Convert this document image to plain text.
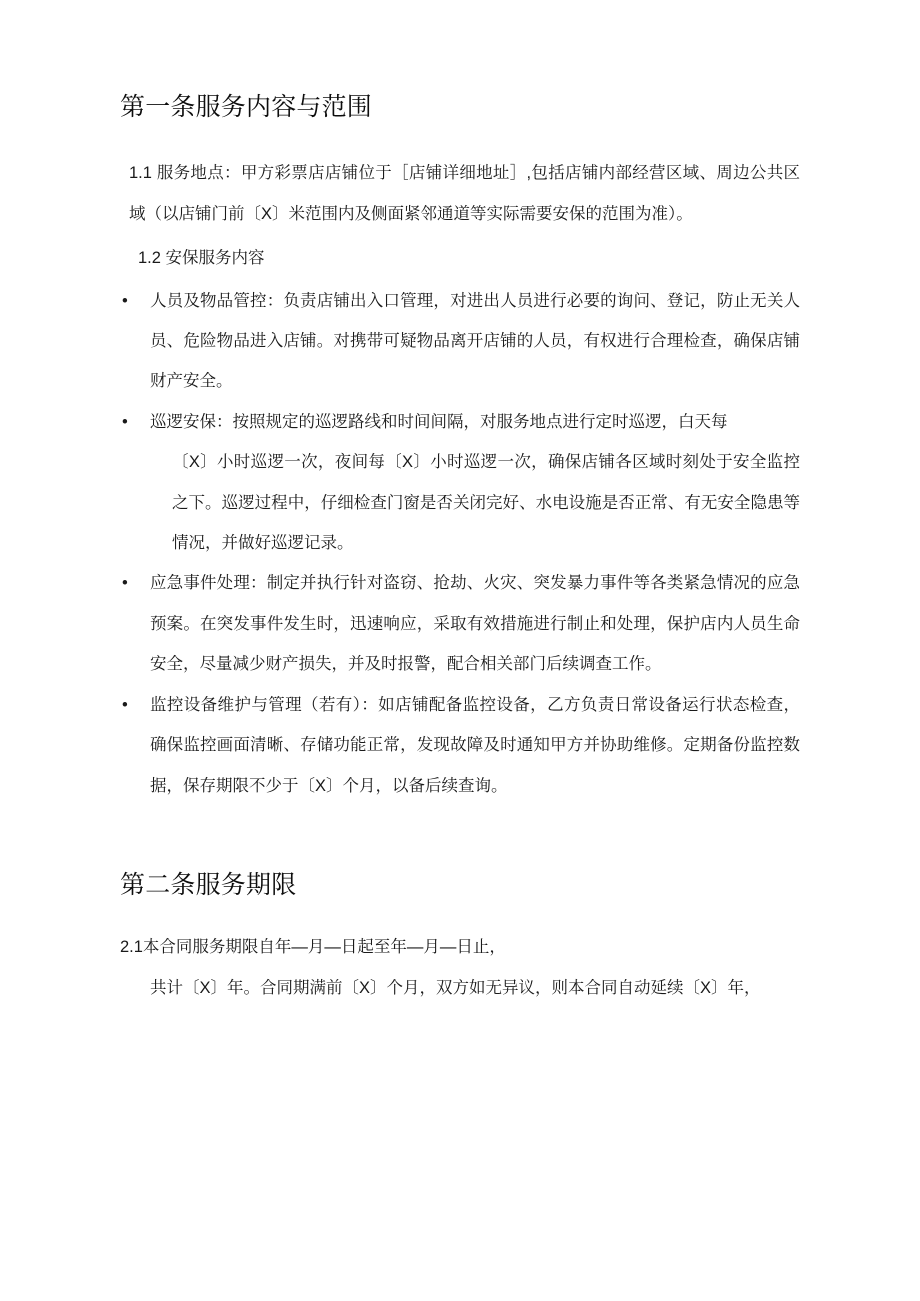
第一条服务内容与范围

1.1 服务地点：甲方彩票店店铺位于［店铺详细地址］,包括店铺内部经营区域、周边公共区域（以店铺门前〔X〕米范围内及侧面紧邻通道等实际需要安保的范围为准）。

1.2 安保服务内容

• 人员及物品管控：负责店铺出入口管理，对进出人员进行必要的询问、登记，防止无关人员、危险物品进入店铺。对携带可疑物品离开店铺的人员，有权进行合理检查，确保店铺财产安全。
• 巡逻安保：按照规定的巡逻路线和时间间隔，对服务地点进行定时巡逻，白天每
〔X〕小时巡逻一次，夜间每〔X〕小时巡逻一次，确保店铺各区域时刻处于安全监控之下。巡逻过程中，仔细检查门窗是否关闭完好、水电设施是否正常、有无安全隐患等情况，并做好巡逻记录。
• 应急事件处理：制定并执行针对盗窃、抢劫、火灾、突发暴力事件等各类紧急情况的应急预案。在突发事件发生时，迅速响应，采取有效措施进行制止和处理，保护店内人员生命安全，尽量减少财产损失，并及时报警，配合相关部门后续调查工作。
• 监控设备维护与管理（若有）：如店铺配备监控设备，乙方负责日常设备运行状态检查，确保监控画面清晰、存储功能正常，发现故障及时通知甲方并协助维修。定期备份监控数据，保存期限不少于〔X〕个月，以备后续查询。
第二条服务期限

2.1本合同服务期限自年—月—日起至年—月—日止，

共计〔X〕年。合同期满前〔X〕个月，双方如无异议，则本合同自动延续〔X〕年，
